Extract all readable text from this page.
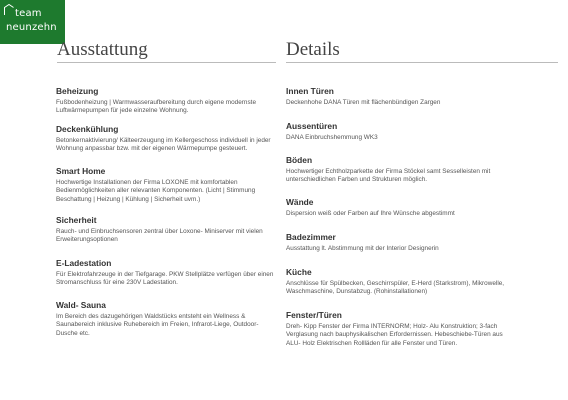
team
neunzehn
Ausstattung	Details
Beheizung

Fußbodenheizung | Warmwasseraufbereitung durch eigene modernste Luftwärmepumpen für jede einzelne Wohnung.

Deckenkühlung

Betonkernaktivierung/ Kälteerzeugung im Kellergeschoss individuell in jeder Wohnung anpassbar bzw. mit der eigenen Wärmepumpe gesteuert.

Smart Home

Hochwertige Installationen der Firma LOXONE mit komfortablen Bedienmöglichkeiten aller relevanten Komponenten. (Licht | Stimmung Beschattung | Heizung | Kühlung | Sicherheit uvm.)

Sicherheit

Rauch- und Einbruchsensoren zentral über Loxone- Miniserver mit vielen Erweiterungsoptionen

E-Ladestation

Für Elektrofahrzeuge in der Tiefgarage. PKW Stellplätze verfügen über einen Stromanschluss für eine 230V Ladestation.

Wald- Sauna

Im Bereich des dazugehörigen Waldstücks entsteht ein Wellness & Saunabereich inklusive Ruhebereich im Freien, Infrarot-Liege, Outdoor-Dusche etc.

Innen Türen

Deckenhohe DANA Türen mit flächenbündigen Zargen

Aussentüren

DANA Einbruchshemmung WK3

Böden

Hochwertiger Echtholzparkette der Firma Stöckel samt Sesselleisten mit unterschiedlichen Farben und Strukturen möglich.

Wände

Dispersion weiß oder Farben auf Ihre Wünsche abgestimmt

Badezimmer

Ausstattung lt. Abstimmung mit der Interior Designerin

Küche

Anschlüsse für Spülbecken, Geschirrspüler, E-Herd (Starkstrom), Mikrowelle, Waschmaschine, Dunstabzug. (Rohinstallationen)

Fenster/Türen

Dreh- Kipp Fenster der Firma INTERNORM; Holz- Alu Konstruktion; 3-fach Verglasung nach bauphysikalischen Erfordernissen. Hebeschiebe-Türen aus ALU- Holz Elektrischen Rollläden für alle Fenster und Türen.
